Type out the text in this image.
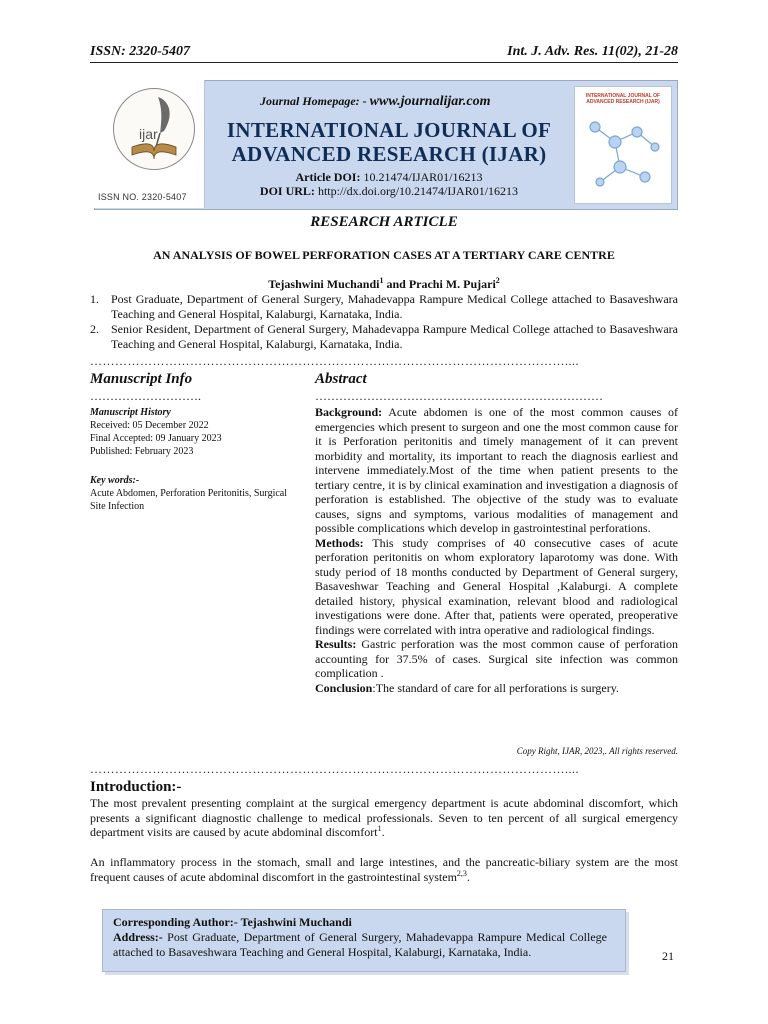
ISSN: 2320-5407	Int. J. Adv. Res. 11(02), 21-28
ijar
ISSN NO. 2320-5407
Journal Homepage: - www.journalijar.com
INTERNATIONAL JOURNAL OF
ADVANCED RESEARCH (IJAR)
Article DOI: 10.21474/IJAR01/16213
DOI URL: http://dx.doi.org/10.21474/IJAR01/16213
INTERNATIONAL JOURNAL OF ADVANCED RESEARCH (IJAR)
RESEARCH ARTICLE
AN ANALYSIS OF BOWEL PERFORATION CASES AT A TERTIARY CARE CENTRE
Tejashwini Muchandi$^1$ and Prachi M. Pujari$^2$
1. Post Graduate, Department of General Surgery, Mahadevappa Rampure Medical College attached to Basaveshwara Teaching and General Hospital, Kalaburgi, Karnataka, India.
2. Senior Resident, Department of General Surgery, Mahadevappa Rampure Medical College attached to Basaveshwara Teaching and General Hospital, Kalaburgi, Karnataka, India.
……………………………………………………………………………………………………....
Manuscript Info
……………………….
Manuscript History
Received: 05 December 2022
Final Accepted: 09 January 2023
Published: February 2023
Key words:-
Acute Abdomen, Perforation Peritonitis, Surgical Site Infection
Abstract
………………………………………………………………

Background: Acute abdomen is one of the most common causes of emergencies which present to surgeon and one the most common cause for it is Perforation peritonitis and timely management of it can prevent morbidity and mortality, its important to reach the diagnosis earliest and intervene immediately.Most of the time when patient presents to the tertiary centre, it is by clinical examination and investigation a diagnosis of perforation is established. The objective of the study was to evaluate causes, signs and symptoms, various modalities of management and possible complications which develop in gastrointestinal perforations.

Methods: This study comprises of 40 consecutive cases of acute perforation peritonitis on whom exploratory laparotomy was done. With study period of 18 months conducted by Department of General surgery, Basaveshwar Teaching and General Hospital ,Kalaburgi. A complete detailed history, physical examination, relevant blood and radiological investigations were done. After that, patients were operated, preoperative findings were correlated with intra operative and radiological findings.

Results: Gastric perforation was the most common cause of perforation accounting for 37.5% of cases. Surgical site infection was common complication .

Conclusion:The standard of care for all perforations is surgery.

Copy Right, IJAR, 2023,. All rights reserved.
……………………………………………………………………………………………………....
Introduction:-
The most prevalent presenting complaint at the surgical emergency department is acute abdominal discomfort, which presents a significant diagnostic challenge to medical professionals. Seven to ten percent of all surgical emergency department visits are caused by acute abdominal discomfort$^1$.
An inflammatory process in the stomach, small and large intestines, and the pancreatic-biliary system are the most frequent causes of acute abdominal discomfort in the gastrointestinal system$^{2,3}$.
Corresponding Author:- Tejashwini Muchandi
Address:- Post Graduate, Department of General Surgery, Mahadevappa Rampure Medical College attached to Basaveshwara Teaching and General Hospital, Kalaburgi, Karnataka, India.	21
